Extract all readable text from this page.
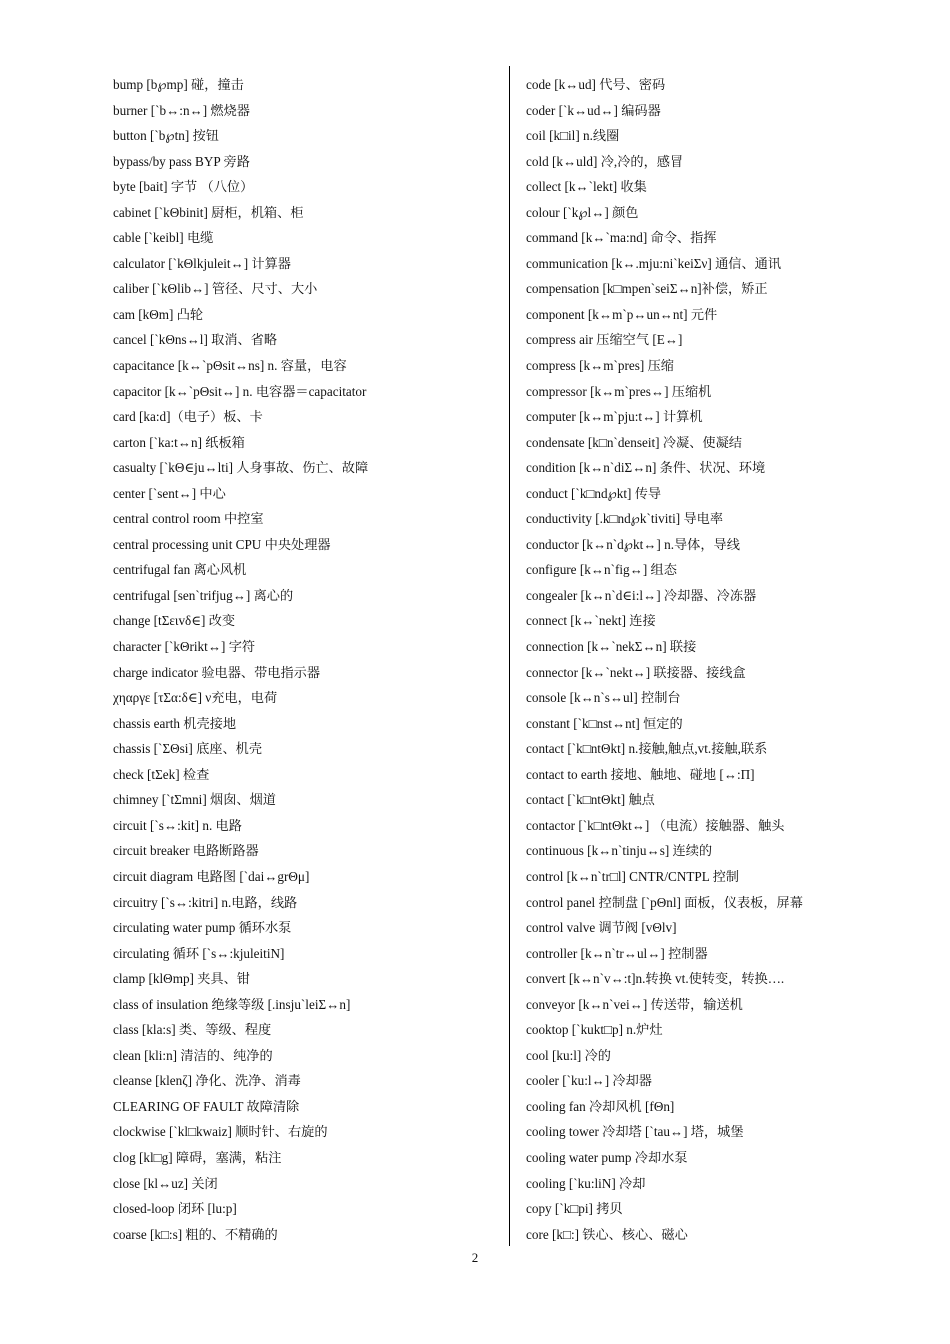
bump [b℘mp] 碰，撞击
burner [`b↔:n↔] 燃烧器
button [`b℘tn] 按钮
bypass/by pass BYP 旁路
byte [bait] 字节 （八位）
cabinet [`kΘbinit] 厨柜，机箱、柜
cable [`keibl] 电缆
calculator [`kΘlkjuleit↔] 计算器
caliber [`kΘlib↔] 管径、尺寸、大小
cam [kΘm] 凸轮
cancel [`kΘns↔l] 取消、省略
capacitance [k↔`pΘsit↔ns] n. 容量，电容
capacitor [k↔`pΘsit↔] n. 电容器＝capacitator
card [ka:d]（电子）板、卡
carton [`ka:t↔n] 纸板箱
casualty [`kΘ∈ju↔lti] 人身事故、伤亡、故障
center [`sent↔] 中心
central control room 中控室
central processing unit CPU 中央处理器
centrifugal fan 离心风机
centrifugal [sen`trifjug↔] 离心的
change [tΣειvδ∈] 改变
character [`kΘrikt↔] 字符
charge indicator 验电器、带电指示器
χηαργε [τΣα:δ∈] ν充电，电荷
chassis earth 机壳接地
chassis [`ΣΘsi] 底座、机壳
check [tΣek] 检查
chimney [`tΣmni] 烟囱、烟道
circuit [`s↔:kit] n. 电路
circuit breaker 电路断路器
circuit diagram 电路图 [`dai↔grΘμ]
circuitry [`s↔:kitri] n.电路，线路
circulating water pump 循环水泵
circulating 循环 [`s↔:kjuleitiN]
clamp [klΘmp] 夹具、钳
class of insulation 绝缘等级 [.insju`leiΣ↔n]
class [kla:s] 类、等级、程度
clean [kli:n] 清洁的、纯净的
cleanse [klenζ] 净化、洗净、消毒
CLEARING OF FAULT 故障清除
clockwise [`kl□kwaiz] 顺时针、右旋的
clog [kl□g] 障碍，塞满，粘注
close [kl↔uz] 关闭
closed-loop 闭环 [lu:p]
coarse [k□:s] 粗的、不精确的
code [k↔ud] 代号、密码
coder [`k↔ud↔] 编码器
coil [k□il] n.线圈
cold [k↔uld] 冷,冷的，感冒
collect [k↔`lekt] 收集
colour [`k℘l↔] 颜色
command [k↔`ma:nd] 命令、指挥
communication [k↔.mju:ni`keiΣν] 通信、通讯
compensation [k□mpen`seiΣ↔n]补偿，矫正
component [k↔m`p↔un↔nt] 元件
compress air 压缩空气 [E↔]
compress [k↔m`pres] 压缩
compressor [k↔m`pres↔] 压缩机
computer [k↔m`pju:t↔] 计算机
condensate [k□n`denseit] 冷凝、使凝结
condition [k↔n`diΣ↔n] 条件、状况、环境
conduct [`k□nd℘kt] 传导
conductivity [.k□nd℘k`tiviti] 导电率
conductor [k↔n`d℘kt↔] n.导体，导线
configure [k↔n`fig↔] 组态
congealer [k↔n`d∈i:l↔] 冷却器、冷冻器
connect [k↔`nekt] 连接
connection [k↔`nekΣ↔n] 联接
connector [k↔`nekt↔] 联接器、接线盒
console [k↔n`s↔ul] 控制台
constant [`k□nst↔nt] 恒定的
contact [`k□ntΘkt] n.接触,触点,vt.接触,联系
contact to earth 接地、触地、碰地 [↔:Π]
contact [`k□ntΘkt] 触点
contactor [`k□ntΘkt↔] （电流）接触器、触头
continuous [k↔n`tinju↔s] 连续的
control [k↔n`tr□l] CNTR/CNTPL 控制
control panel 控制盘 [`pΘnl] 面板，仪表板，屏幕
control valve 调节阀 [vΘlv]
controller [k↔n`tr↔ul↔] 控制器
convert [k↔n`v↔:t]n.转换 vt.使转变，转换….
conveyor [k↔n`vei↔] 传送带，输送机
cooktop [`kukt□p] n.炉灶
cool [ku:l] 冷的
cooler [`ku:l↔] 冷却器
cooling fan 冷却风机 [fΘn]
cooling tower 冷却塔 [`tau↔] 塔，城堡
cooling water pump 冷却水泵
cooling [`ku:liN] 冷却
copy [`k□pi] 拷贝
core [k□:] 铁心、核心、磁心
2
